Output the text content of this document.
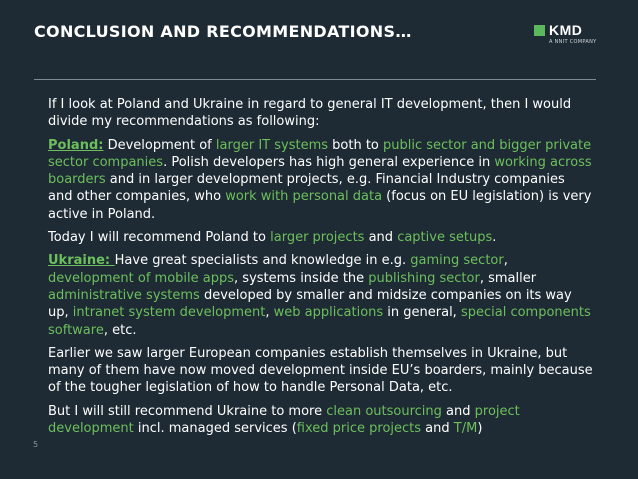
CONCLUSION AND RECOMMENDATIONS…	KMD
A NNIT COMPANY

If I look at Poland and Ukraine in regard to general IT development, then I would divide my recommendations as following:

Poland: Development of larger IT systems both to public sector and bigger private sector companies. Polish developers has high general experience in working across boarders and in larger development projects, e.g. Financial Industry companies and other companies, who work with personal data (focus on EU legislation) is very active in Poland.

Today I will recommend Poland to larger projects and captive setups.

Ukraine: Have great specialists and knowledge in e.g. gaming sector, development of mobile apps, systems inside the publishing sector, smaller administrative systems developed by smaller and midsize companies on its way up, intranet system development, web applications in general, special components software, etc.

Earlier we saw larger European companies establish themselves in Ukraine, but many of them have now moved development inside EU’s boarders, mainly because of the tougher legislation of how to handle Personal Data, etc.

But I will still recommend Ukraine to more clean outsourcing and project development incl. managed services (fixed price projects and T/M)

5
